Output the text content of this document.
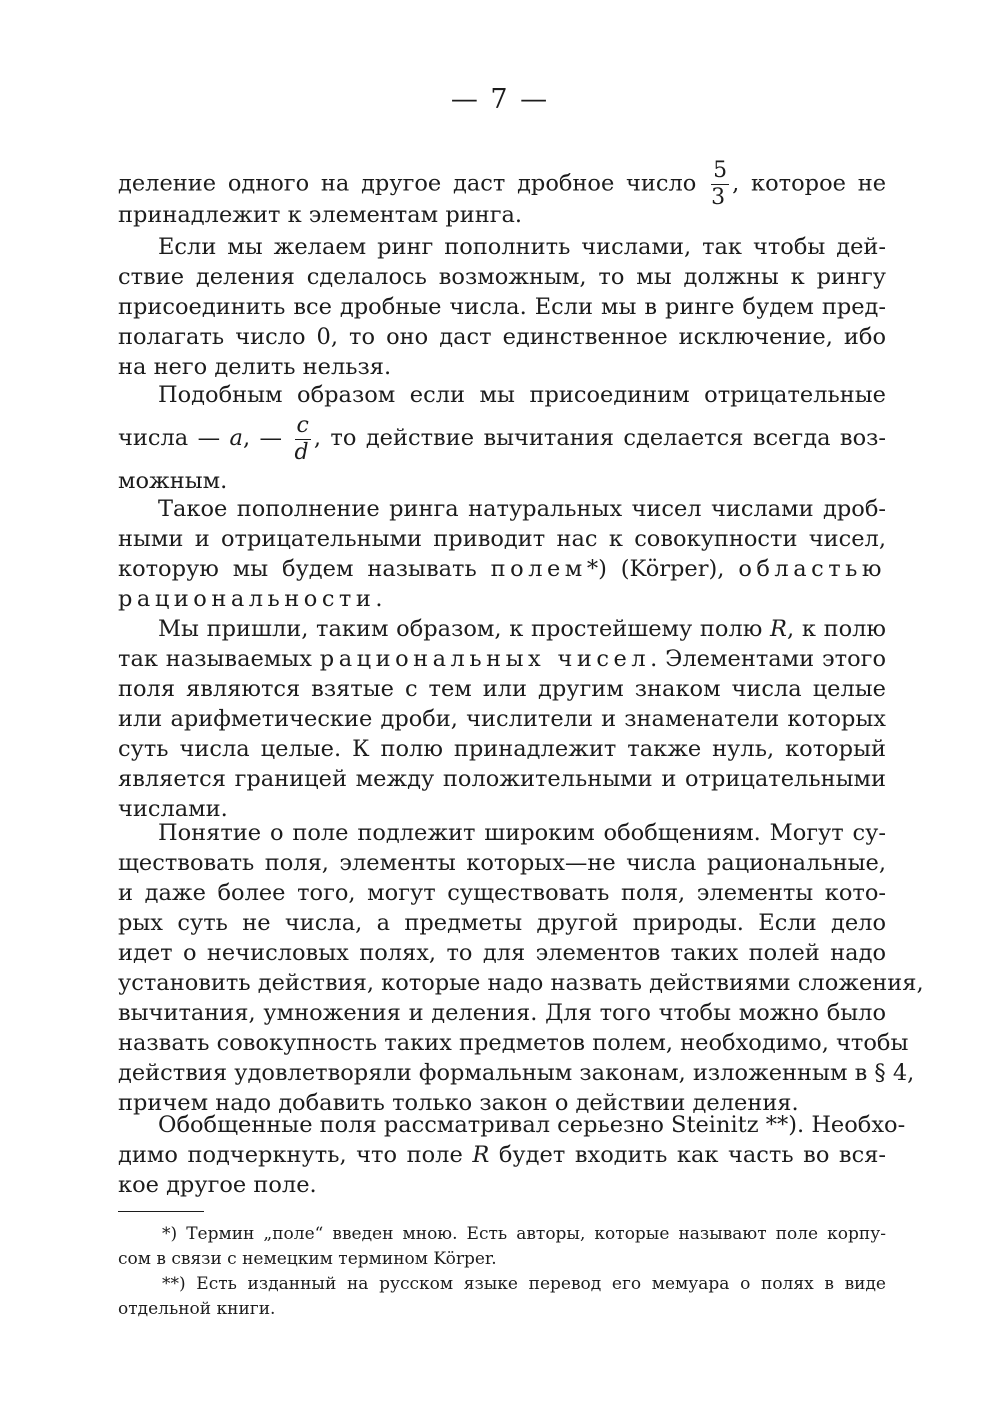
— 7 —
деление одного на другое даст дробное число $\frac{5}{3}$ , которое не
принадлежит к элементам ринга.
Если мы желаем ринг пополнить числами, так чтобы дей-
ствие деления сделалось возможным, то мы должны к рингу
присоединить все дробные числа. Если мы в ринге будем пред-
полагать число 0, то оно даст единственное исключение, ибо
на него делить нельзя.
Подобным образом если мы присоединим отрицательные
числа — a, — $\frac{c}{d}$ , то действие вычитания сделается всегда воз-
можным.
Такое пополнение ринга натуральных чисел числами дроб-
ными и отрицательными приводит нас к совокупности чисел,
которую мы будем называть полем*) (Körper), областью
рациональности.
Мы пришли, таким образом, к простейшему полю R, к полю
так называемых рациональных чисел. Элементами этого
поля являются взятые с тем или другим знаком числа целые
или арифметические дроби, числители и знаменатели которых
суть числа целые. К полю принадлежит также нуль, который
является границей между положительными и отрицательными
числами.
Понятие о поле подлежит широким обобщениям. Могут су-
ществовать поля, элементы которых—не числа рациональные,
и даже более того, могут существовать поля, элементы кото-
рых суть не числа, а предметы другой природы. Если дело
идет о нечисловых полях, то для элементов таких полей надо
установить действия, которые надо назвать действиями сложения,
вычитания, умножения и деления. Для того чтобы можно было
назвать совокупность таких предметов полем, необходимо, чтобы
действия удовлетворяли формальным законам, изложенным в § 4,
причем надо добавить только закон о действии деления.
Обобщенные поля рассматривал серьезно Steinitz **). Необхо-
димо подчеркнуть, что поле R будет входить как часть во вся-
кое другое поле.
*) Термин „поле“ введен мною. Есть авторы, которые называют поле корпу-
сом в связи с немецким термином Körper.
**) Есть изданный на русском языке перевод его мемуара о полях в виде
отдельной книги.
